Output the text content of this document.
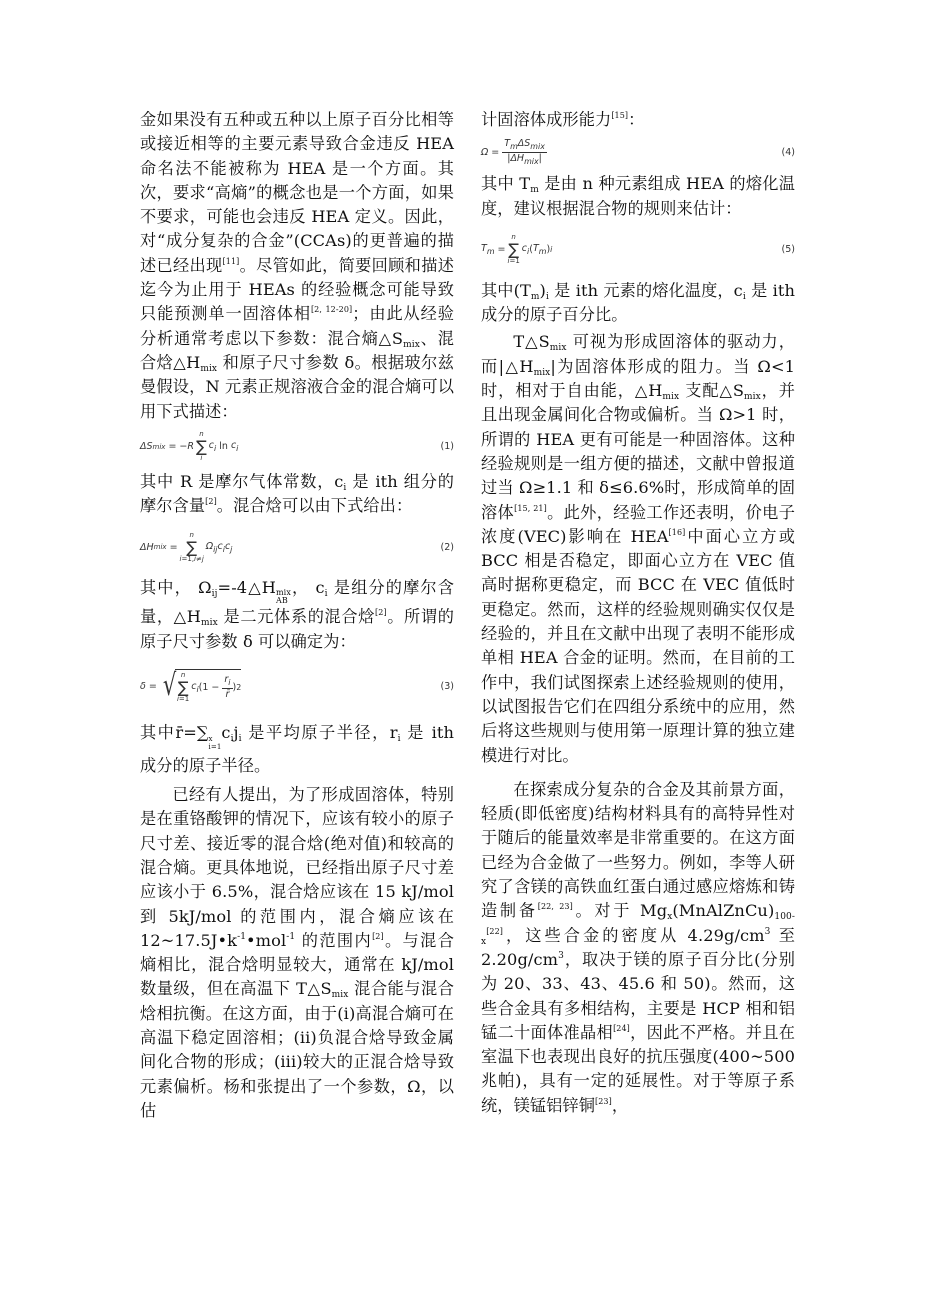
金如果没有五种或五种以上原子百分比相等或接近相等的主要元素导致合金违反 HEA 命名法不能被称为 HEA 是一个方面。其次，要求“高熵”的概念也是一个方面，如果不要求，可能也会违反 HEA 定义。因此，对“成分复杂的合金”(CCAs)的更普遍的描述已经出现[11]。尽管如此，简要回顾和描述迄今为止用于 HEAs 的经验概念可能导致只能预测单一固溶体相[2, 12-20]；由此从经验分析通常考虑以下参数：混合熵$\triangle S_{mix}$、混合焓$\triangle H_{mix}$ 和原子尺寸参数 δ。根据玻尔兹曼假设，N 元素正规溶液合金的混合熵可以用下式描述：

ΔS mix = − R
n
∑
i
$c_i$ $\ln c_i$	(1)

其中 R 是摩尔气体常数，$c_i$ 是 ith 组分的摩尔含量[2]。混合焓可以由下式给出：

ΔH mix =
n
∑
i=1,i≠j
$\Omega_{ij}c_ic_j$	(2)

其中， $\Omega_{ij}=-4\triangle H$ mix
AB
， $c_i$ 是组分的摩尔含量，$\triangle H_{mix}$ 是二元体系的混合焓[2]。所谓的原子尺寸参数 δ 可以确定为：

δ = √ n
∑
i=1
$c_i$ ($1 - \frac{r_i}{r̄}$ ) 2	(3)

其中r̄=∑ x
i=1
$c_ij_i$ 是平均原子半径，$r_i$ 是 ith 成分的原子半径。

已经有人提出，为了形成固溶体，特别是在重铬酸钾的情况下，应该有较小的原子尺寸差、接近零的混合焓(绝对值)和较高的混合熵。更具体地说，已经指出原子尺寸差应该小于 6.5%，混合焓应该在 15 kJ/mol 到 5kJ/mol 的范围内，混合熵应该在 $12\sim 17.5J•k^{-1}•mol^{-1}$ 的范围内[2]。与混合熵相比，混合焓明显较大，通常在 kJ/mol 数量级，但在高温下 $T\triangle S_{mix}$ 混合能与混合焓相抗衡。在这方面，由于(i)高混合熵可在高温下稳定固溶相；(ii)负混合焓导致金属间化合物的形成；(iii)较大的正混合焓导致元素偏析。杨和张提出了一个参数，Ω，以估

计固溶体成形能力[15]：

$\Omega = \frac{T_m\Delta S_{mix}}{|\Delta H_{mix}|}$	(4)

其中 $T_m$ 是由 n 种元素组成 HEA 的熔化温度，建议根据混合物的规则来估计：

$T_m$ =
n
∑
i=1
$c_i$ ( $T_m$ ) i	(5)

其中$(T_m)_i$ 是 ith 元素的熔化温度，$c_i$ 是 ith 成分的原子百分比。

$T\triangle S_{mix}$ 可视为形成固溶体的驱动力，而$|\triangle H_{mix}|$为固溶体形成的阻力。当 Ω<1 时，相对于自由能，$\triangle H_{mix}$ 支配$\triangle S_{mix}$，并且出现金属间化合物或偏析。当 Ω>1 时，所谓的 HEA 更有可能是一种固溶体。这种经验规则是一组方便的描述，文献中曾报道过当 Ω≥1.1 和 δ≤6.6%时，形成简单的固溶体[15, 21]。此外，经验工作还表明，价电子浓度(VEC)影响在 HEA[16]中面心立方或 BCC 相是否稳定，即面心立方在 VEC 值高时据称更稳定，而 BCC 在 VEC 值低时更稳定。然而，这样的经验规则确实仅仅是经验的，并且在文献中出现了表明不能形成单相 HEA 合金的证明。然而，在目前的工作中，我们试图探索上述经验规则的使用，以试图报告它们在四组分系统中的应用，然后将这些规则与使用第一原理计算的独立建模进行对比。

在探索成分复杂的合金及其前景方面，轻质(即低密度)结构材料具有的高特异性对于随后的能量效率是非常重要的。在这方面已经为合金做了一些努力。例如，李等人研究了含镁的高铁血红蛋白通过感应熔炼和铸造制备[22, 23]。对于 $Mg_x(MnAlZnCu)_{100-x}[22]$，这些合金的密度从 $4.29g/cm^3$ 至 $2.20g/cm^3$，取决于镁的原子百分比(分别为 20、33、43、45.6 和 50)。然而，这些合金具有多相结构，主要是 HCP 相和铝锰二十面体准晶相[24]，因此不严格。并且在室温下也表现出良好的抗压强度(400~500 兆帕)，具有一定的延展性。对于等原子系统，镁锰铝锌铜[23]，
